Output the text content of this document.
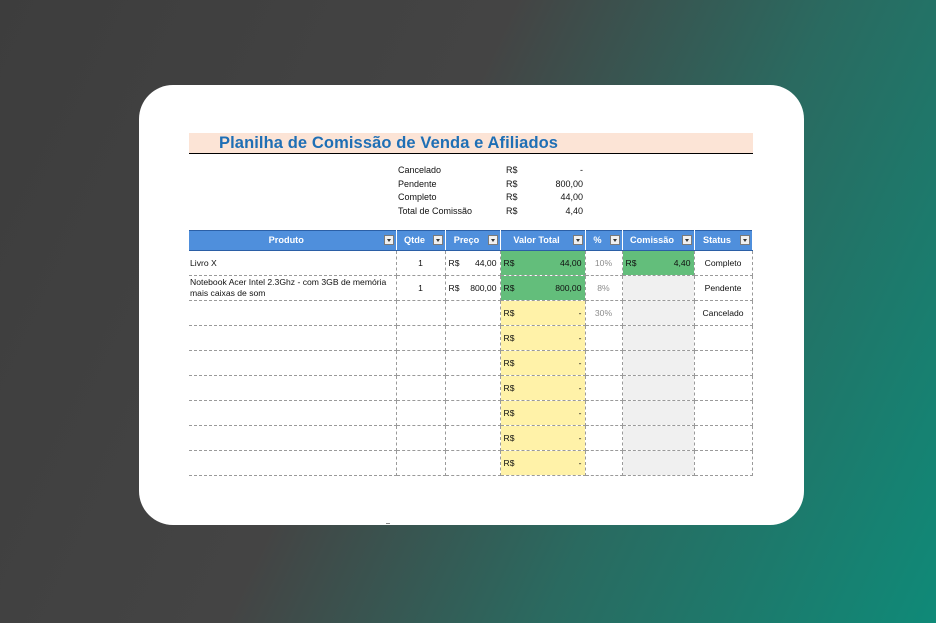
Planilha de Comissão de Venda e Afiliados
Cancelado	R$	-
Pendente	R$	800,00
Completo	R$	44,00
Total de Comissão	R$	4,40
Produto	Qtde	Preço	Valor Total	%	Comissão	Status

Livro X	1	R$ 44,00	R$ 44,00	10%	R$ 4,40	Completo
Notebook Acer Intel 2.3Ghz - com 3GB de memória mais caixas de som	1	R$ 800,00	R$ 800,00	8%		Pendente

			R$ -	30%		Cancelado

			R$ -			

			R$ -			

			R$ -			

			R$ -			

			R$ -			

			R$ -			
